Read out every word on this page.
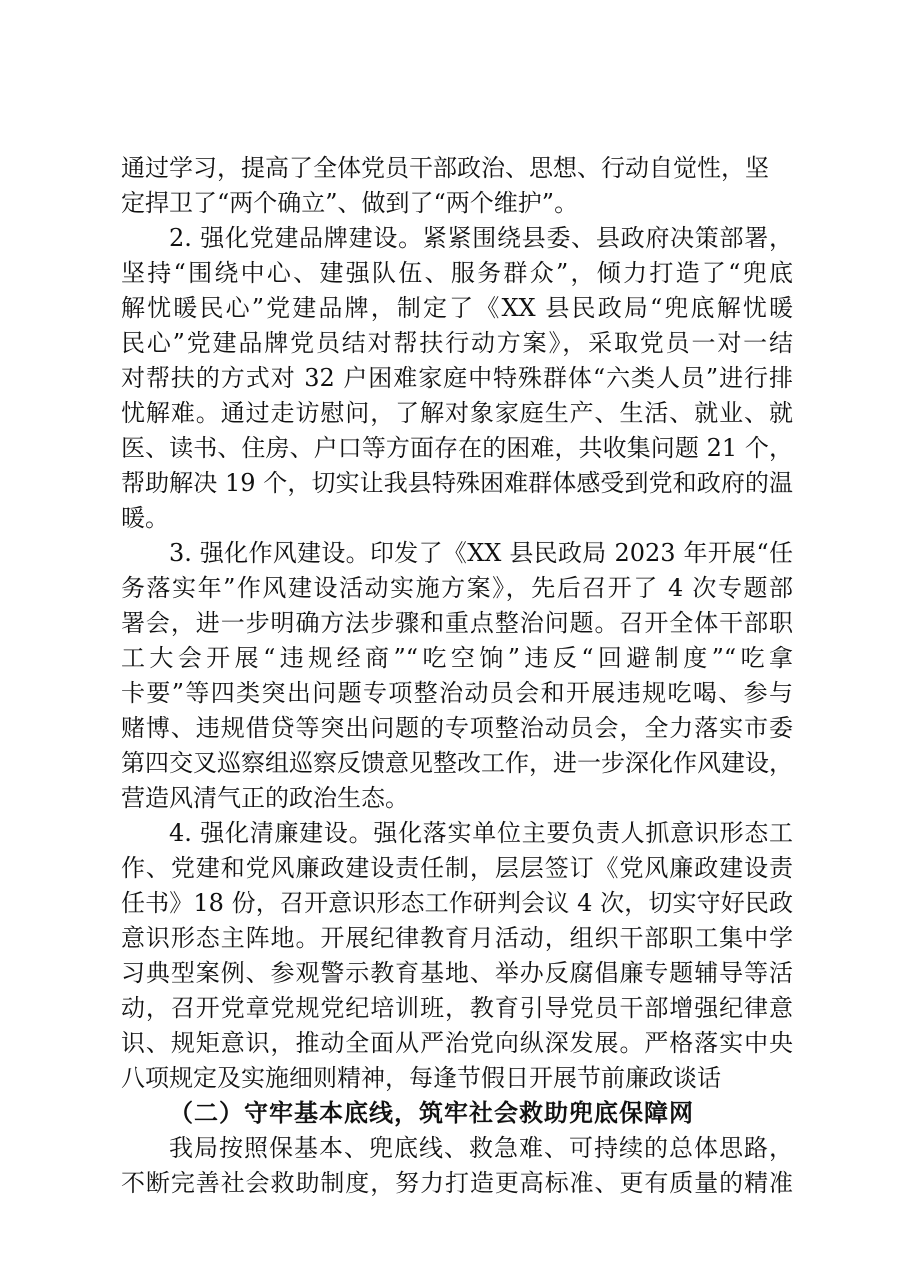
通过学习，提高了全体党员干部政治、思想、行动自觉性，坚
定捍卫了“两个确立”、做到了“两个维护”。
2. 强化党建品牌建设。紧紧围绕县委、县政府决策部署，
坚持“围绕中心、建强队伍、服务群众”，倾力打造了“兜底
解忧暖民心”党建品牌，制定了《XX 县民政局“兜底解忧暖
民心”党建品牌党员结对帮扶行动方案》，采取党员一对一结
对帮扶的方式对 32 户困难家庭中特殊群体“六类人员”进行排
忧解难。通过走访慰问，了解对象家庭生产、生活、就业、就
医、读书、住房、户口等方面存在的困难，共收集问题 21 个，
帮助解决 19 个，切实让我县特殊困难群体感受到党和政府的温
暖。
3. 强化作风建设。印发了《XX 县民政局 2023 年开展“任
务落实年”作风建设活动实施方案》，先后召开了 4 次专题部
署会，进一步明确方法步骤和重点整治问题。召开全体干部职
工大会开展“违规经商”“吃空饷”违反“回避制度”“吃拿
卡要”等四类突出问题专项整治动员会和开展违规吃喝、参与
赌博、违规借贷等突出问题的专项整治动员会，全力落实市委
第四交叉巡察组巡察反馈意见整改工作，进一步深化作风建设，
营造风清气正的政治生态。
4. 强化清廉建设。强化落实单位主要负责人抓意识形态工
作、党建和党风廉政建设责任制，层层签订《党风廉政建设责
任书》18 份，召开意识形态工作研判会议 4 次，切实守好民政
意识形态主阵地。开展纪律教育月活动，组织干部职工集中学
习典型案例、参观警示教育基地、举办反腐倡廉专题辅导等活
动，召开党章党规党纪培训班，教育引导党员干部增强纪律意
识、规矩意识，推动全面从严治党向纵深发展。严格落实中央
八项规定及实施细则精神，每逢节假日开展节前廉政谈话
（二）守牢基本底线，筑牢社会救助兜底保障网
我局按照保基本、兜底线、救急难、可持续的总体思路，
不断完善社会救助制度，努力打造更高标准、更有质量的精准
